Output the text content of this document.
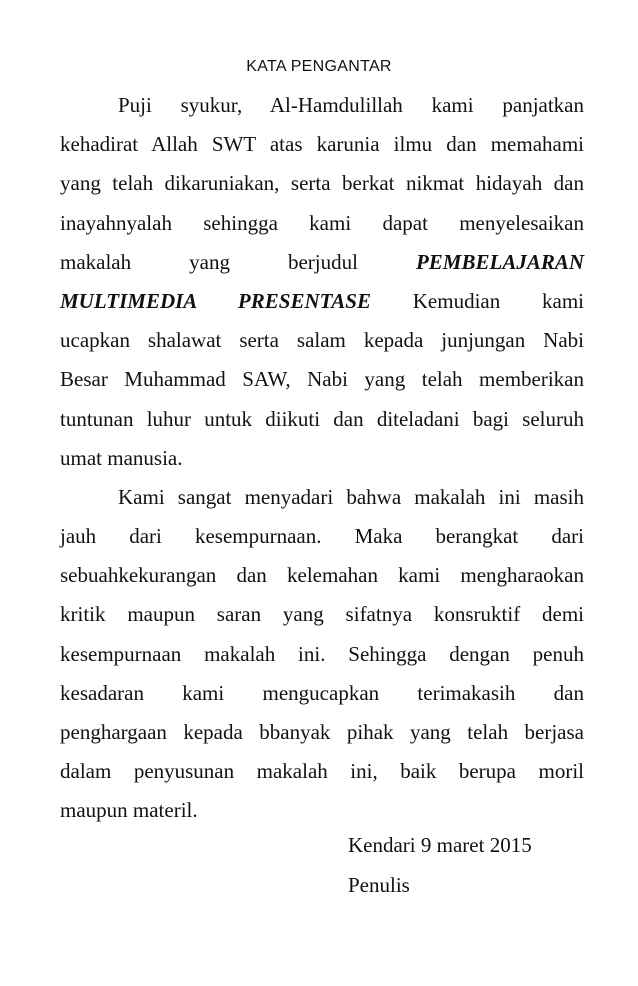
KATA PENGANTAR
Puji syukur, Al-Hamdulillah kami panjatkan
kehadirat Allah SWT atas karunia ilmu dan memahami
yang telah dikaruniakan, serta berkat nikmat hidayah dan
inayahnyalah sehingga kami dapat menyelesaikan
makalah yang berjudul	PEMBELAJARAN
MULTIMEDIA PRESENTASE Kemudian kami
ucapkan shalawat serta salam kepada junjungan Nabi
Besar Muhammad SAW, Nabi yang telah memberikan
tuntunan luhur untuk diikuti dan diteladani bagi seluruh
umat manusia.
Kami sangat menyadari bahwa makalah ini masih
jauh dari kesempurnaan. Maka berangkat dari
sebuahkekurangan dan kelemahan kami mengharaokan
kritik maupun saran yang sifatnya konsruktif demi
kesempurnaan makalah ini. Sehingga dengan penuh
kesadaran kami mengucapkan terimakasih dan
penghargaan kepada bbanyak pihak yang telah berjasa
dalam penyusunan makalah ini, baik berupa moril
maupun materil.
Kendari 9 maret 2015
Penulis
